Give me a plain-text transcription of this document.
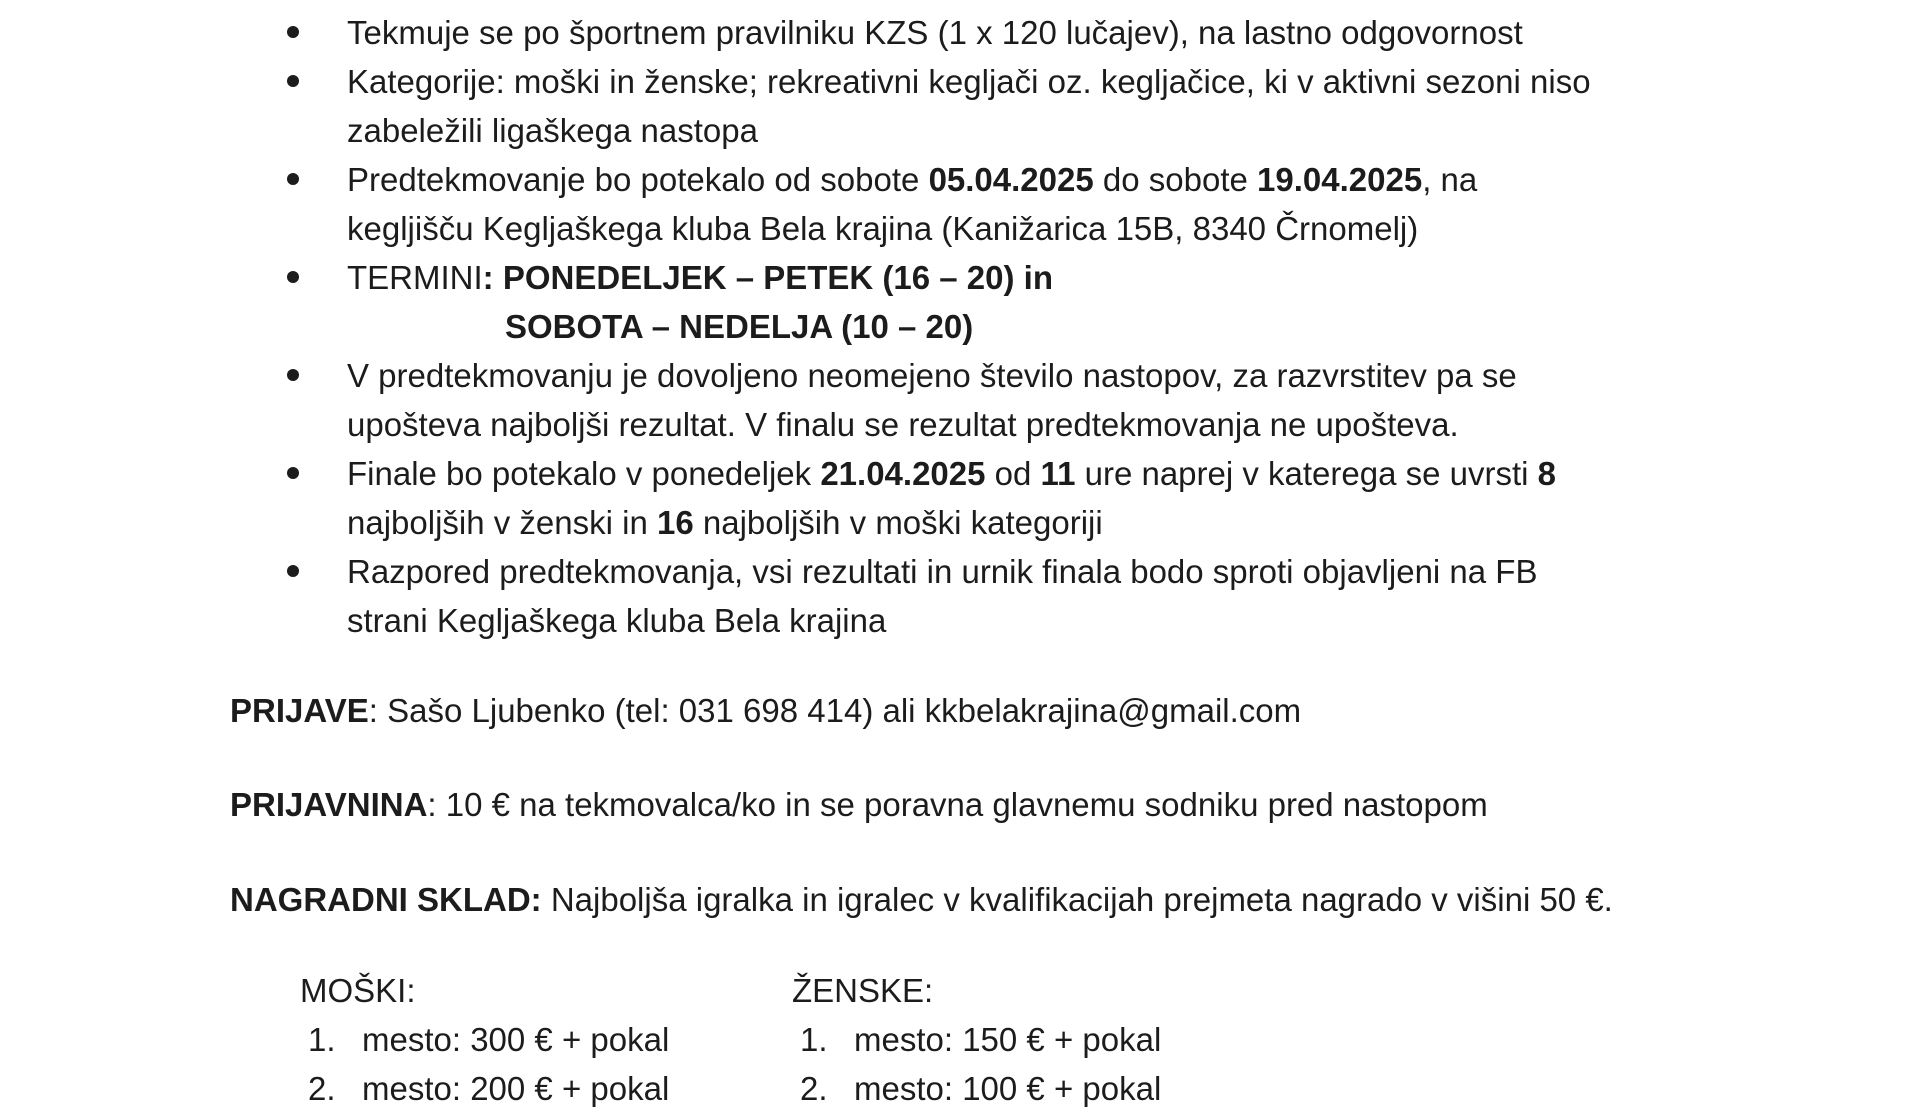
Tekmuje se po športnem pravilniku KZS (1 x 120 lučajev), na lastno odgovornost
Kategorije: moški in ženske; rekreativni kegljači oz. kegljačice, ki v aktivni sezoni niso
zabeležili ligaškega nastopa
Predtekmovanje bo potekalo od sobote 05.04.2025 do sobote 19.04.2025, na
kegljišču Kegljaškega kluba Bela krajina (Kanižarica 15B, 8340 Črnomelj)
TERMINI: PONEDELJEK – PETEK (16 – 20) in
SOBOTA – NEDELJA (10 – 20)
V predtekmovanju je dovoljeno neomejeno število nastopov, za razvrstitev pa se
upošteva najboljši rezultat. V finalu se rezultat predtekmovanja ne upošteva.
Finale bo potekalo v ponedeljek 21.04.2025 od 11 ure naprej v katerega se uvrsti 8
najboljših v ženski in 16 najboljših v moški kategoriji
Razpored predtekmovanja, vsi rezultati in urnik finala bodo sproti objavljeni na FB
strani Kegljaškega kluba Bela krajina
PRIJAVE: Sašo Ljubenko (tel: 031 698 414) ali kkbelakrajina@gmail.com
PRIJAVNINA: 10 € na tekmovalca/ko in se poravna glavnemu sodniku pred nastopom
NAGRADNI SKLAD: Najboljša igralka in igralec v kvalifikacijah prejmeta nagrado v višini 50 €.
MOŠKI:
1. mesto: 300 € + pokal
2. mesto: 200 € + pokal
ŽENSKE:
1. mesto: 150 € + pokal
2. mesto: 100 € + pokal
